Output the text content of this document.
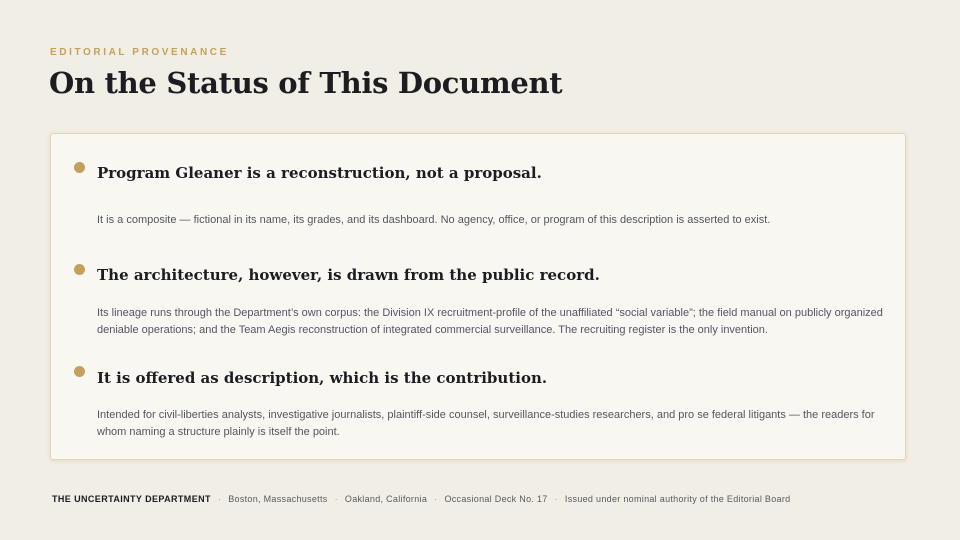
EDITORIAL PROVENANCE
On the Status of This Document

Program Gleaner is a reconstruction, not a proposal.

It is a composite — fictional in its name, its grades, and its dashboard. No agency, office, or program of this description is asserted to exist.

The architecture, however, is drawn from the public record.

Its lineage runs through the Department’s own corpus: the Division IX recruitment-profile of the unaffiliated “social variable”; the field manual on publicly organized deniable operations; and the Team Aegis reconstruction of integrated commercial surveillance. The recruiting register is the only invention.

It is offered as description, which is the contribution.

Intended for civil-liberties analysts, investigative journalists, plaintiff-side counsel, surveillance-studies researchers, and pro se federal litigants — the readers for whom naming a structure plainly is itself the point.

THE UNCERTAINTY DEPARTMENT · Boston, Massachusetts · Oakland, California · Occasional Deck No. 17 · Issued under nominal authority of the Editorial Board
